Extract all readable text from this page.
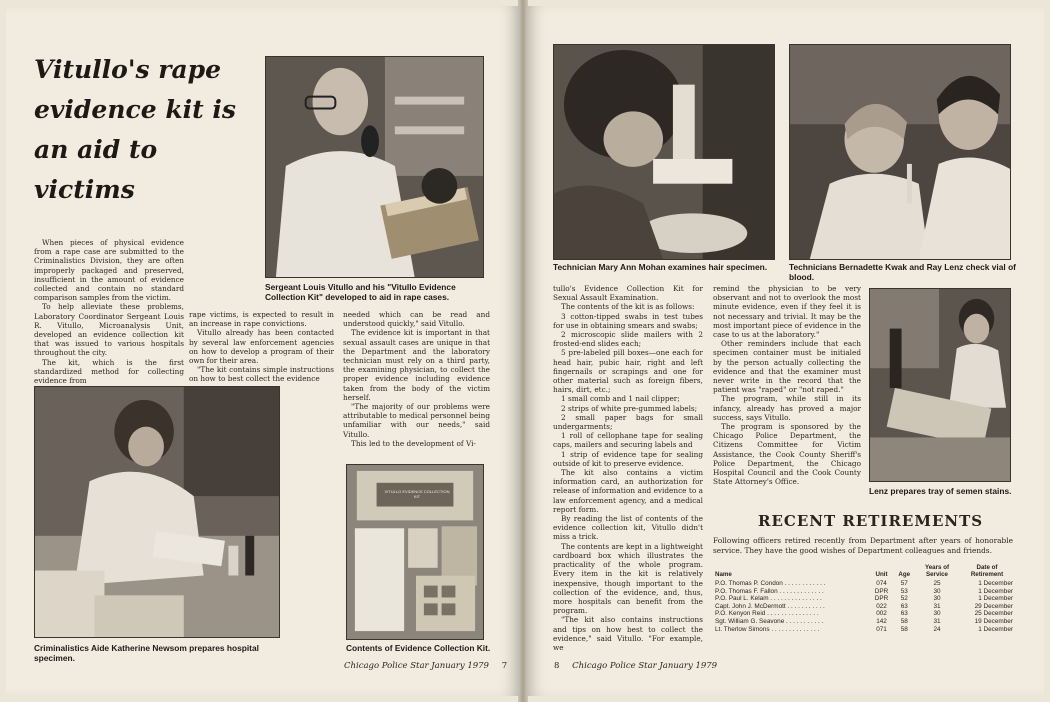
Vitullo's rape
evidence kit is
an aid to victims
Sergeant Louis Vitullo and his "Vitullo Evidence Collection Kit" developed to aid in rape cases.

When pieces of physical evidence from a rape case are submitted to the Criminalistics Division, they are often improperly packaged and preserved, insufficient in the amount of evidence collected and contain no standard comparison samples from the victim.

To help alleviate these problems, Laboratory Coordinator Sergeant Louis R. Vitullo, Microanalysis Unit, developed an evidence collection kit that was issued to various hospitals throughout the city.

The kit, which is the first standardized method for collecting evidence from

rape victims, is expected to result in an increase in rape convictions.

Vitullo already has been contacted by several law enforcement agencies on how to develop a program of their own for their area.

"The kit contains simple instructions on how to best collect the evidence

needed which can be read and understood quickly," said Vitullo.

The evidence kit is important in that sexual assault cases are unique in that the Department and the laboratory technician must rely on a third party, the examining physician, to collect the proper evidence including evidence taken from the body of the victim herself.

"The majority of our problems were attributable to medical personnel being unfamiliar with our needs," said Vitullo.

This led to the development of Vi-

Criminalistics Aide Katherine Newsom prepares hospital specimen.
VITULLO EVIDENCE COLLECTION KIT
Contents of Evidence Collection Kit.
Chicago Police Star January 1979 7
Technician Mary Ann Mohan examines hair specimen.	Technicians Bernadette Kwak and Ray Lenz check vial of blood.

tullo's Evidence Collection Kit for Sexual Assault Examination.

The contents of the kit is as follows:

3 cotton-tipped swabs in test tubes for use in obtaining smears and swabs;

2 microscopic slide mailers with 2 frosted-end slides each;

5 pre-labeled pill boxes—one each for head hair, pubic hair, right and left fingernails or scrapings and one for other material such as foreign fibers, hairs, dirt, etc.;

1 small comb and 1 nail clipper;

2 strips of white pre-gummed labels;

2 small paper bags for small undergarments;

1 roll of cellophane tape for sealing caps, mailers and securing labels and

1 strip of evidence tape for sealing outside of kit to preserve evidence.

The kit also contains a victim information card, an authorization for release of information and evidence to a law enforcement agency, and a medical report form.

By reading the list of contents of the evidence collection kit, Vitullo didn't miss a trick.

The contents are kept in a lightweight cardboard box which illustrates the practicality of the whole program. Every item in the kit is relatively inexpensive, though important to the collection of the evidence, and, thus, more hospitals can benefit from the program.

"The kit also contains instructions and tips on how best to collect the evidence," said Vitullo. "For example, we

remind the physician to be very observant and not to overlook the most minute evidence, even if they feel it is not necessary and trivial. It may be the most important piece of evidence in the case to us at the laboratory."

Other reminders include that each specimen container must be initialed by the person actually collecting the evidence and that the examiner must never write in the record that the patient was "raped" or "not raped."

The program, while still in its infancy, already has proved a major success, says Vitullo.

The program is sponsored by the Chicago Police Department, the Citizens Committee for Victim Assistance, the Cook County Sheriff's Police Department, the Chicago Hospital Council and the Cook County State Attorney's Office.

Lenz prepares tray of semen stains.
RECENT RETIREMENTS
Following officers retired recently from Department after years of honorable service. They have the good wishes of Department colleagues and friends.
Name	Unit	Age	Years of Service	Date of Retirement
P.O. Thomas P. Condon . . . . . . . . . . . .	074	57	25	1 December
P.O. Thomas F. Fallon . . . . . . . . . . . . .	DPR	53	30	1 December
P.O. Paul L. Kelam . . . . . . . . . . . . . . .	DPR	52	30	1 December
Capt. John J. McDermott . . . . . . . . . . .	022	63	31	29 December
P.O. Kenyon Reid . . . . . . . . . . . . . . .	002	63	30	25 December
Sgt. William G. Seavone . . . . . . . . . . .	142	58	31	19 December
Lt. Therlow Simons . . . . . . . . . . . . . .	071	58	24	1 December
8 Chicago Police Star January 1979
